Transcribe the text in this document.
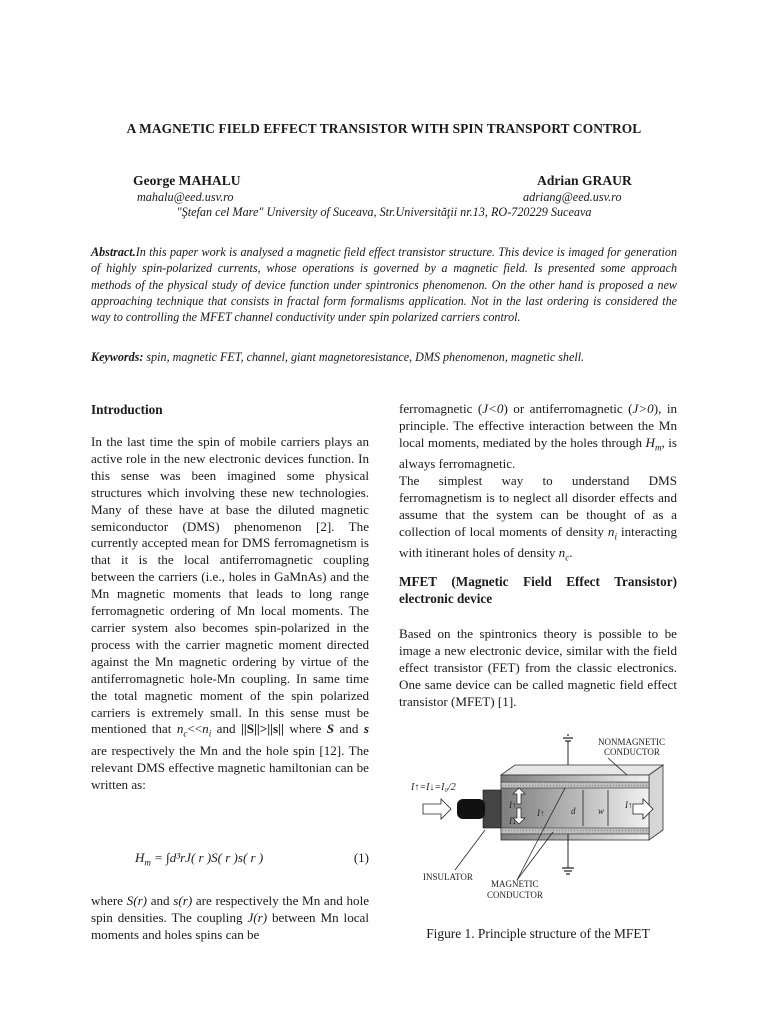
A MAGNETIC FIELD EFFECT TRANSISTOR WITH SPIN TRANSPORT CONTROL
George MAHALU	Adrian GRAUR
mahalu@eed.usv.ro	adriang@eed.usv.ro
"Ştefan cel Mare" University of Suceava, Str.Universităţii nr.13, RO-720229 Suceava
Abstract.In this paper work is analysed a magnetic field effect transistor structure. This device is imaged for generation of highly spin-polarized currents, whose operations is governed by a magnetic field. Is presented some approach methods of the physical study of device function under spintronics phenomenon. On the other hand is proposed a new approaching technique that consists in fractal form formalisms application. Not in the last ordering is considered the way to controlling the MFET channel conductivity under spin polarized carriers control.
Keywords: spin, magnetic FET, channel, giant magnetoresistance, DMS phenomenon, magnetic shell.
Introduction

In the last time the spin of mobile carriers plays an active role in the new electronic devices function. In this sense was been imagined some physical structures which involving these new technologies. Many of these have at base the diluted magnetic semiconductor (DMS) phenomenon [2]. The currently accepted mean for DMS ferromagnetism is that it is the local antiferromagnetic coupling between the carriers (i.e., holes in GaMnAs) and the Mn magnetic moments that leads to long range ferromagnetic ordering of Mn local moments. The carrier system also becomes spin-polarized in the process with the carrier magnetic moment directed against the Mn magnetic ordering by virtue of the antiferromagnetic hole-Mn coupling. In same time the total magnetic moment of the spin polarized carriers is extremely small. In this sense must be mentioned that $n_c<<n_i$ and ||S||>||s|| where S and s are respectively the Mn and the hole spin [12]. The relevant DMS effective magnetic hamiltonian can be written as:

$H_m = \int d^3rJ$( r )S( r )s( r )	(1)

where S(r) and s(r) are respectively the Mn and hole spin densities. The coupling J(r) between Mn local moments and holes spins can be

ferromagnetic (J<0) or antiferromagnetic (J>0), in principle. The effective interaction between the Mn local moments, mediated by the holes through $H_m$, is always ferromagnetic.

The simplest way to understand DMS ferromagnetism is to neglect all disorder effects and assume that the system can be thought of as a collection of local moments of density $n_i$ interacting with itinerant holes of density $n_c$.

MFET (Magnetic Field Effect Transistor) electronic device
Based on the spintronics theory is possible to be image a new electronic device, similar with the field effect transistor (FET) from the classic electronics. One same device can be called magnetic field effect transistor (MFET) [1].
NONMAGNETIC
CONDUCTOR
I↑=I↓=I₀/2
I↑
I↓
I↑	d	w
I↑
INSULATOR
MAGNETIC
CONDUCTOR
Figure 1. Principle structure of the MFET
